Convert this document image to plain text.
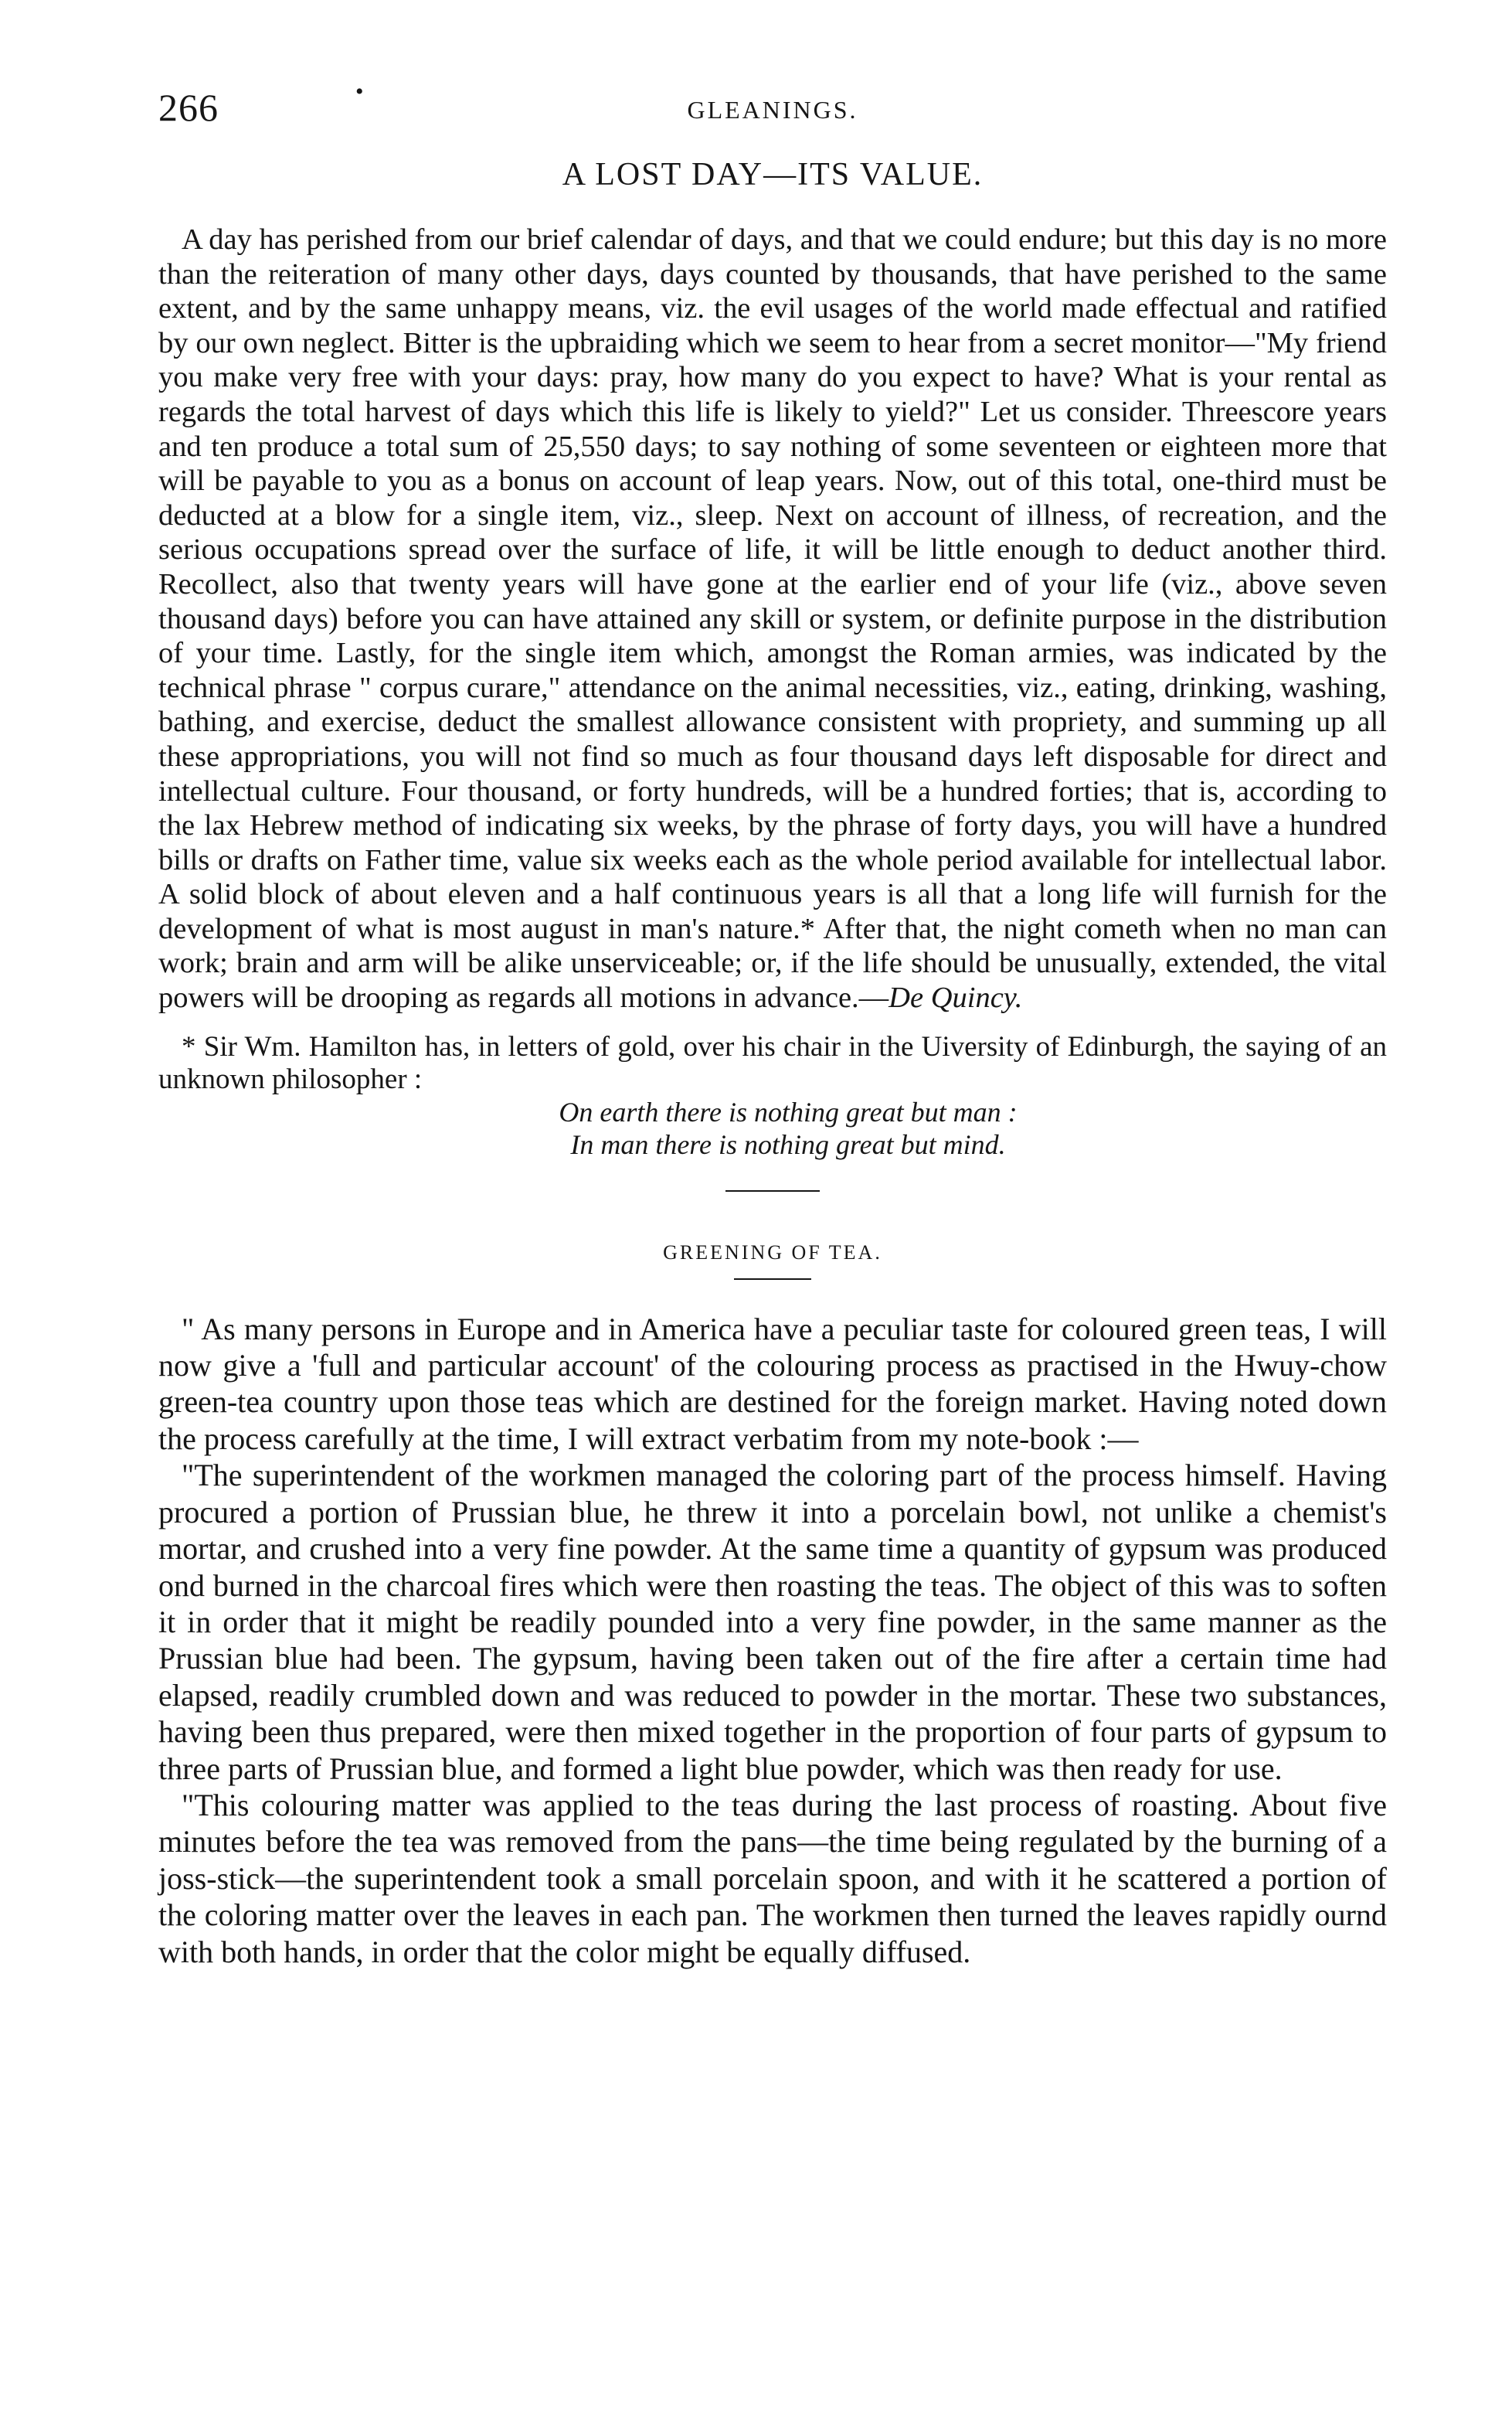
266	•
GLEANINGS.
A LOST DAY—ITS VALUE.

A day has perished from our brief calendar of days, and that we could endure; but this day is no more than the reiteration of many other days, days counted by thousands, that have perished to the same extent, and by the same unhappy means, viz. the evil usages of the world made effectual and ratified by our own neglect. Bitter is the upbraiding which we seem to hear from a secret monitor—"My friend you make very free with your days: pray, how many do you expect to have? What is your rental as regards the total harvest of days which this life is likely to yield?" Let us consider. Threescore years and ten produce a total sum of 25,550 days; to say nothing of some seventeen or eighteen more that will be payable to you as a bonus on account of leap years. Now, out of this total, one-third must be deducted at a blow for a single item, viz., sleep. Next on account of illness, of recreation, and the serious occupations spread over the surface of life, it will be little enough to deduct another third. Recollect, also that twenty years will have gone at the earlier end of your life (viz., above seven thousand days) before you can have attained any skill or system, or definite purpose in the distribution of your time. Lastly, for the single item which, amongst the Roman armies, was indicated by the technical phrase " corpus curare," attendance on the animal necessities, viz., eating, drinking, washing, bathing, and exercise, deduct the smallest allowance consistent with propriety, and summing up all these appropriations, you will not find so much as four thousand days left disposable for direct and intellectual culture. Four thousand, or forty hundreds, will be a hundred forties; that is, according to the lax Hebrew method of indicating six weeks, by the phrase of forty days, you will have a hundred bills or drafts on Father time, value six weeks each as the whole period available for intellectual labor. A solid block of about eleven and a half continuous years is all that a long life will furnish for the development of what is most august in man's nature.* After that, the night cometh when no man can work; brain and arm will be alike unserviceable; or, if the life should be unusually, extended, the vital powers will be drooping as regards all motions in advance.—De Quincy.

* Sir Wm. Hamilton has, in letters of gold, over his chair in the Uiversity of Edinburgh, the saying of an unknown philosopher :
On earth there is nothing great but man :
In man there is nothing great but mind.
GREENING OF TEA.

" As many persons in Europe and in America have a peculiar taste for coloured green teas, I will now give a 'full and particular account' of the colouring process as practised in the Hwuy-chow green-tea country upon those teas which are destined for the foreign market. Having noted down the process carefully at the time, I will extract verbatim from my note-book :—

"The superintendent of the workmen managed the coloring part of the process himself. Having procured a portion of Prussian blue, he threw it into a porcelain bowl, not unlike a chemist's mortar, and crushed into a very fine powder. At the same time a quantity of gypsum was produced ond burned in the charcoal fires which were then roasting the teas. The object of this was to soften it in order that it might be readily pounded into a very fine powder, in the same manner as the Prussian blue had been. The gypsum, having been taken out of the fire after a certain time had elapsed, readily crumbled down and was reduced to powder in the mortar. These two substances, having been thus prepared, were then mixed together in the proportion of four parts of gypsum to three parts of Prussian blue, and formed a light blue powder, which was then ready for use.

"This colouring matter was applied to the teas during the last process of roasting. About five minutes before the tea was removed from the pans—the time being regulated by the burning of a joss-stick—the superintendent took a small porcelain spoon, and with it he scattered a portion of the coloring matter over the leaves in each pan. The workmen then turned the leaves rapidly ournd with both hands, in order that the color might be equally diffused.
